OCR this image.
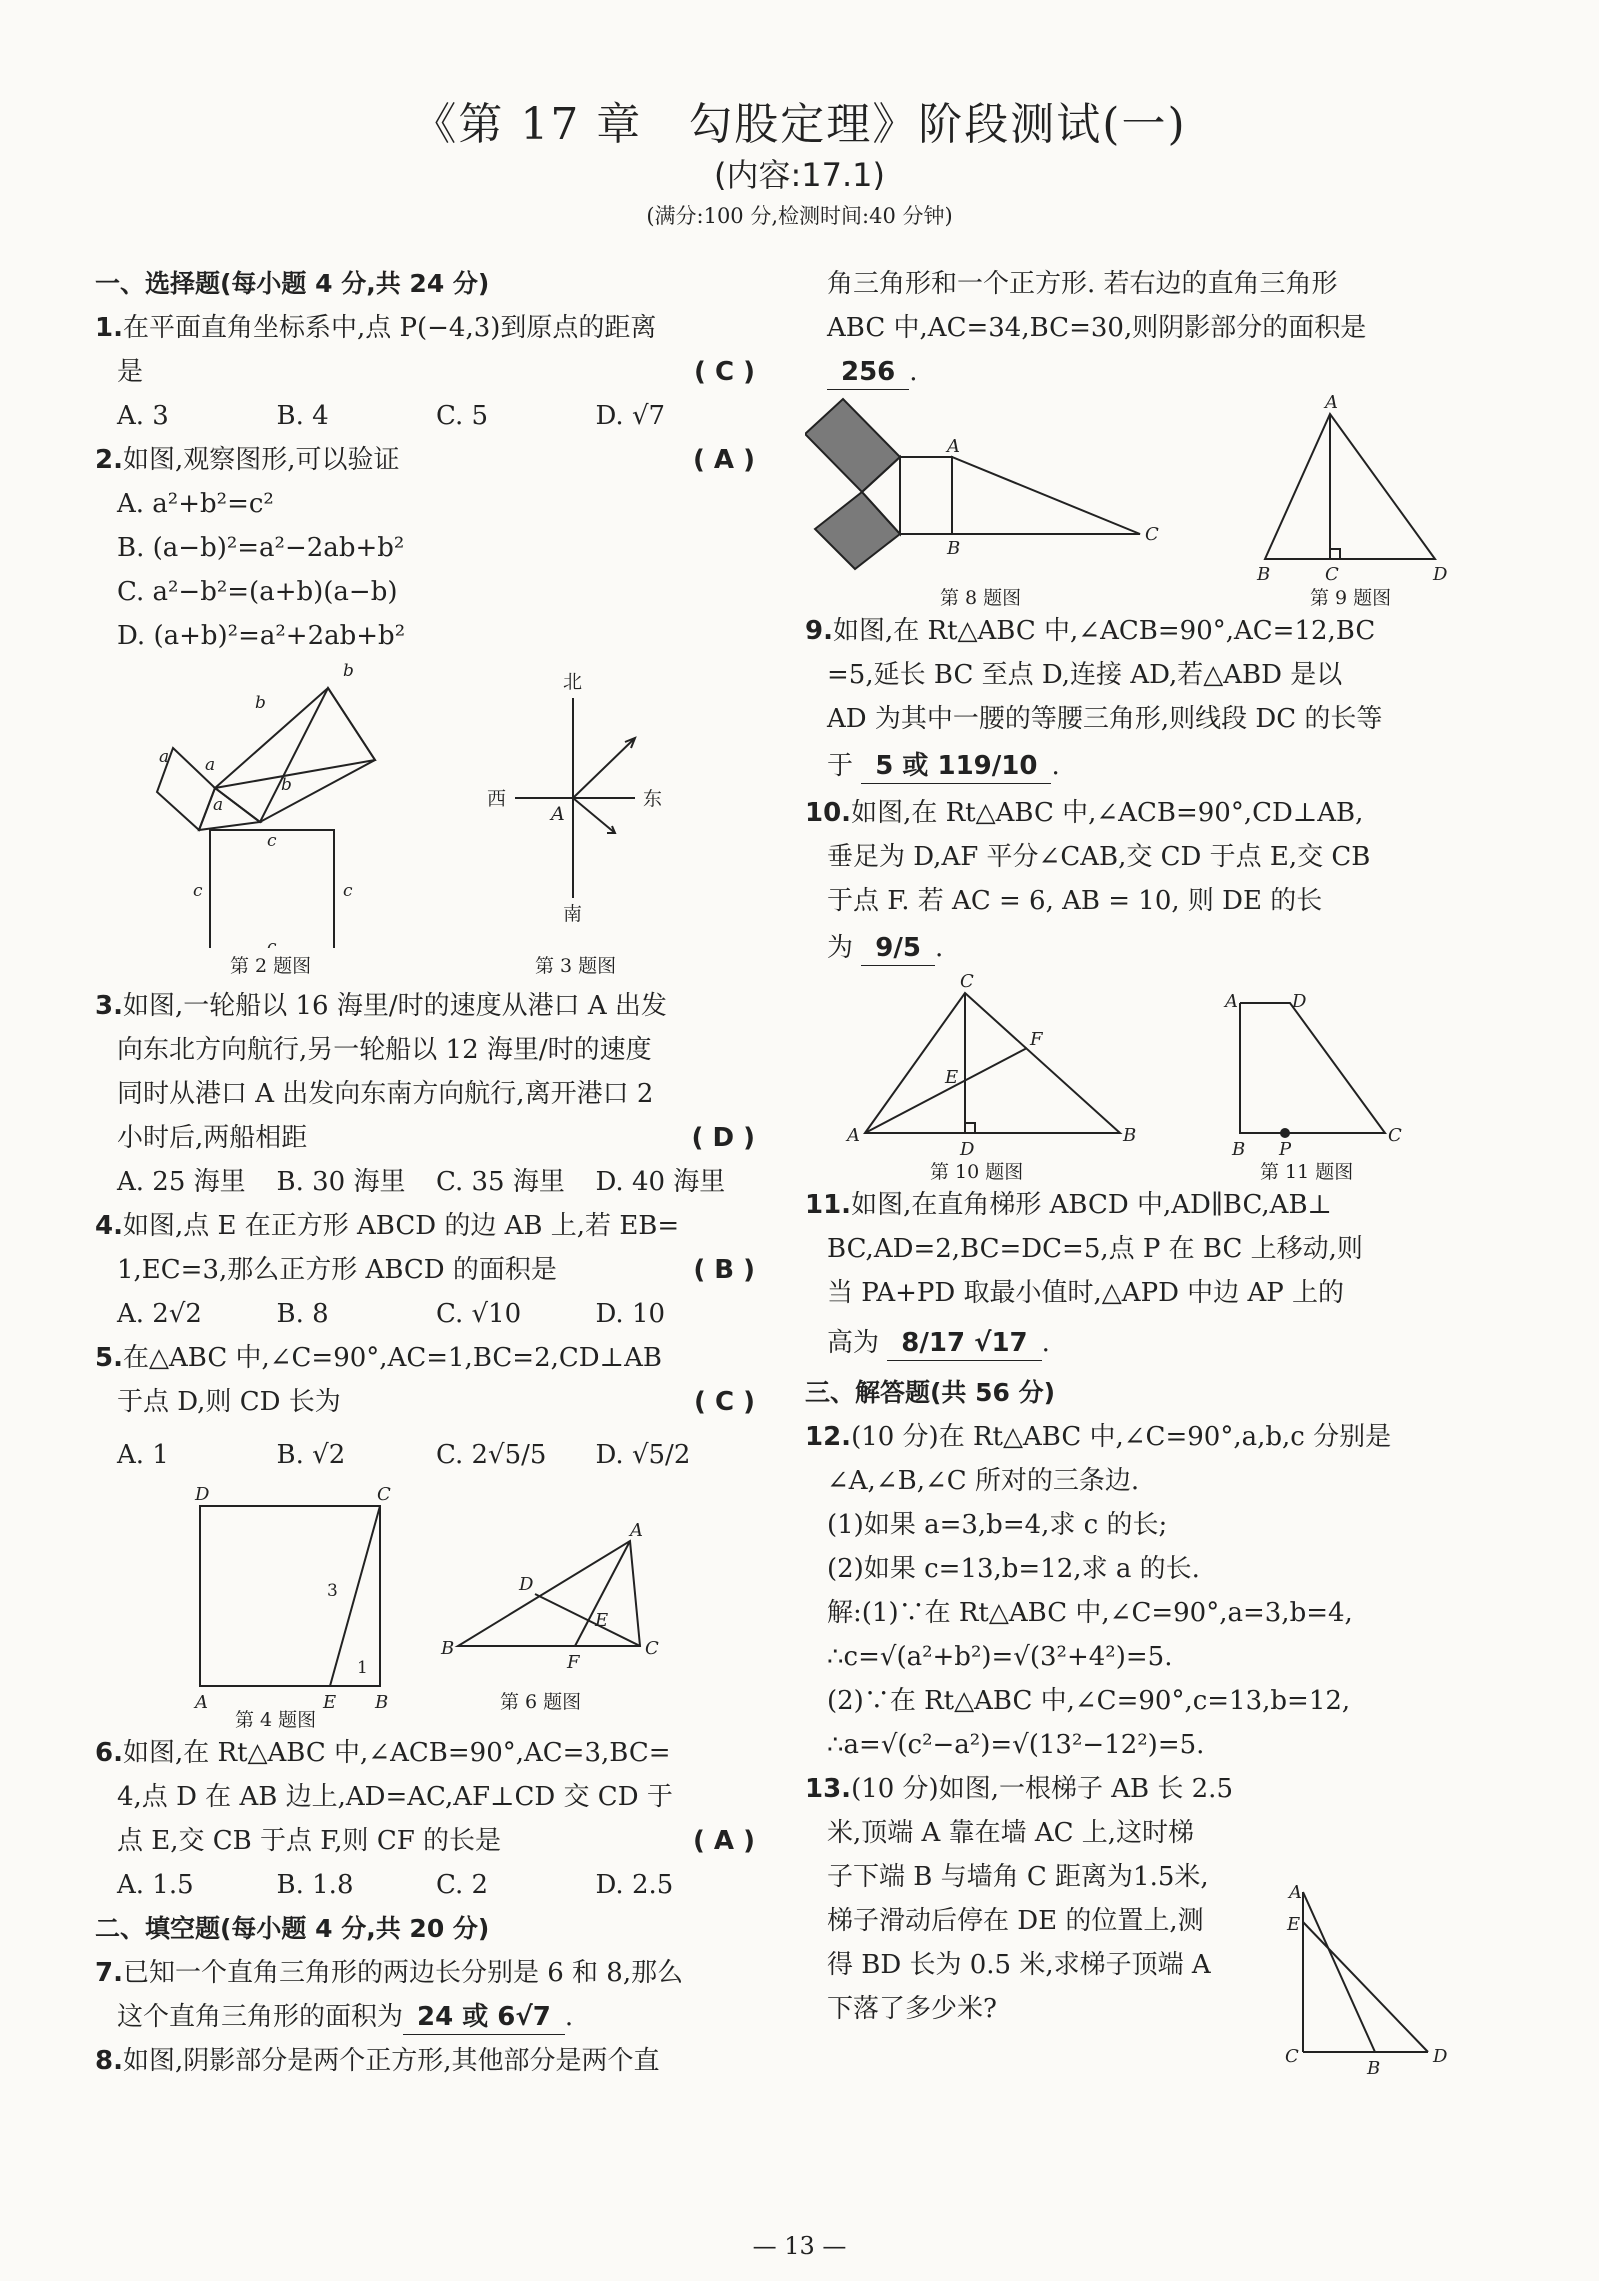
《第 17 章　勾股定理》阶段测试(一)
(内容:17.1)
(满分:100 分,检测时间:40 分钟)
一、选择题(每小题 4 分,共 24 分)
1.在平面直角坐标系中,点 P(−4,3)到原点的距离
是	( C )
A. 3	B. 4	C. 5	D. √7
2.如图,观察图形,可以验证	( A )
A. a²+b²=c²
B. (a−b)²=a²−2ab+b²
C. a²−b²=(a+b)(a−b)
D. (a+b)²=a²+2ab+b²
a a
a
b
b
b
c
c	c
c
北
西	东
南
A
第 2 题图	第 3 题图
3.如图,一轮船以 16 海里/时的速度从港口 A 出发
向东北方向航行,另一轮船以 12 海里/时的速度
同时从港口 A 出发向东南方向航行,离开港口 2
小时后,两船相距	( D )
A. 25 海里	B. 30 海里	C. 35 海里	D. 40 海里
4.如图,点 E 在正方形 ABCD 的边 AB 上,若 EB=
1,EC=3,那么正方形 ABCD 的面积是	( B )
A. 2√2	B. 8	C. √10	D. 10
5.在△ABC 中,∠C=90°,AC=1,BC=2,CD⊥AB
于点 D,则 CD 长为	( C )
A. 1	B. √2	C. 2√5/5	D. √5/2
D	C
A	E B
3
1
A
D
E
B
F
C
第 4 题图
第 6 题图
6.如图,在 Rt△ABC 中,∠ACB=90°,AC=3,BC=
4,点 D 在 AB 边上,AD=AC,AF⊥CD 交 CD 于
点 E,交 CB 于点 F,则 CF 的长是	( A )
A. 1.5	B. 1.8	C. 2	D. 2.5
二、填空题(每小题 4 分,共 20 分)
7.已知一个直角三角形的两边长分别是 6 和 8,那么
这个直角三角形的面积为 24 或 6√7 .
8.如图,阴影部分是两个正方形,其他部分是两个直
角三角形和一个正方形. 若右边的直角三角形
ABC 中,AC=34,BC=30,则阴影部分的面积是
256 .
A
B
C
第 8 题图
A
B	C	D
第 9 题图
9.如图,在 Rt△ABC 中,∠ACB=90°,AC=12,BC
=5,延长 BC 至点 D,连接 AD,若△ABD 是以
AD 为其中一腰的等腰三角形,则线段 DC 的长等
于 5 或 119/10 .
10.如图,在 Rt△ABC 中,∠ACB=90°,CD⊥AB,
垂足为 D,AF 平分∠CAB,交 CD 于点 E,交 CB
于点 F. 若 AC = 6, AB = 10, 则 DE 的长
为 9/5 .
C
F
E
A
D
B
第 10 题图
A	D
B P
C
第 11 题图
11.如图,在直角梯形 ABCD 中,AD∥BC,AB⊥
BC,AD=2,BC=DC=5,点 P 在 BC 上移动,则
当 PA+PD 取最小值时,△APD 中边 AP 上的
高为 8/17 √17 .
三、解答题(共 56 分)
12.(10 分)在 Rt△ABC 中,∠C=90°,a,b,c 分别是
∠A,∠B,∠C 所对的三条边.
(1)如果 a=3,b=4,求 c 的长;
(2)如果 c=13,b=12,求 a 的长.
解:(1)∵在 Rt△ABC 中,∠C=90°,a=3,b=4,
∴c=√(a²+b²)=√(3²+4²)=5.
(2)∵在 Rt△ABC 中,∠C=90°,c=13,b=12,
∴a=√(c²−a²)=√(13²−12²)=5.
13.(10 分)如图,一根梯子 AB 长 2.5
米,顶端 A 靠在墙 AC 上,这时梯
子下端 B 与墙角 C 距离为1.5米,
梯子滑动后停在 DE 的位置上,测
得 BD 长为 0.5 米,求梯子顶端 A
下落了多少米?
A
E
C
B
D
— 13 —
